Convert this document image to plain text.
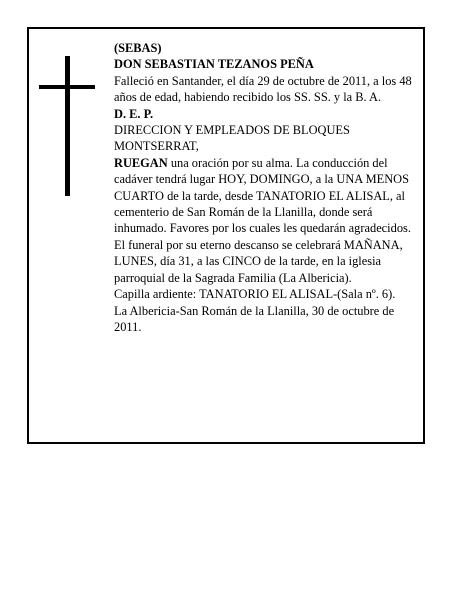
(SEBAS)

DON SEBASTIAN TEZANOS PEÑA

Falleció en Santander, el día 29 de octubre de 2011, a los 48 años de edad, habiendo recibido los SS. SS. y la B. A.

D. E. P.

DIRECCION Y EMPLEADOS DE BLOQUES MONTSERRAT,

RUEGAN una oración por su alma. La conducción del cadáver tendrá lugar HOY, DOMINGO, a la UNA MENOS CUARTO de la tarde, desde TANATORIO EL ALISAL, al cementerio de San Román de la Llanilla, donde será inhumado. Favores por los cuales les quedarán agradecidos. El funeral por su eterno descanso se celebrará MAÑANA, LUNES, día 31, a las CINCO de la tarde, en la iglesia parroquial de la Sagrada Familia (La Albericia).

Capilla ardiente: TANATORIO EL ALISAL-(Sala nº. 6).

La Albericia-San Román de la Llanilla, 30 de octubre de 2011.
